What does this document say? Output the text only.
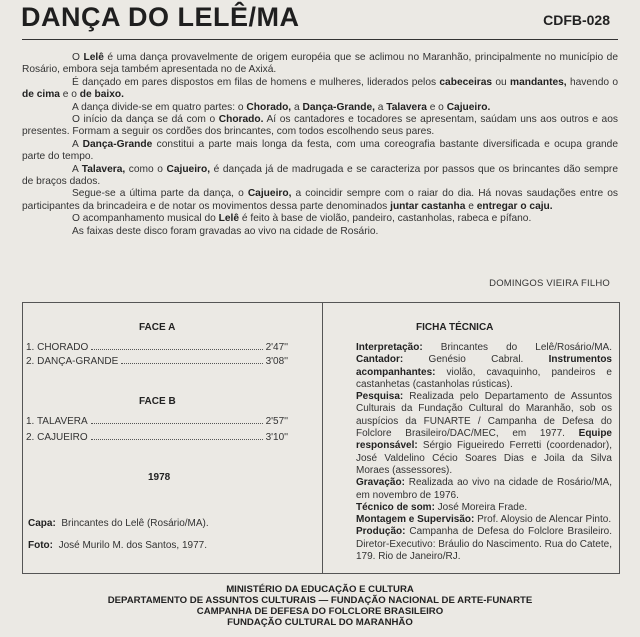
DANÇA DO LELÊ/MA	CDFB-028

O Lelê é uma dança provavelmente de origem européia que se aclimou no Maranhão, principalmente no município de Rosário, embora seja também apresentada no de Axixá.

É dançado em pares dispostos em filas de homens e mulheres, liderados pelos cabeceiras ou mandantes, havendo o de cima e o de baixo.

A dança divide-se em quatro partes: o Chorado, a Dança-Grande, a Talavera e o Cajueiro.

O início da dança se dá com o Chorado. Aí os cantadores e tocadores se apresentam, saúdam uns aos outros e aos presentes. Formam a seguir os cordões dos brincantes, com todos escolhendo seus pares.

A Dança-Grande constitui a parte mais longa da festa, com uma coreografia bastante diversificada e ocupa grande parte do tempo.

A Talavera, como o Cajueiro, é dançada já de madrugada e se caracteriza por passos que os brincantes dão sempre de braços dados.

Segue-se a última parte da dança, o Cajueiro, a coincidir sempre com o raiar do dia. Há novas saudações entre os participantes da brincadeira e de notar os movimentos dessa parte denominados juntar castanha e entregar o caju.

O acompanhamento musical do Lelê é feito à base de violão, pandeiro, castanholas, rabeca e pífano.

As faixas deste disco foram gravadas ao vivo na cidade de Rosário.

DOMINGOS VIEIRA FILHO
FACE A
1. CHORADO	2'47''
2. DANÇA-GRANDE	3'08''
FACE B
1. TALAVERA	2'57''
2. CAJUEIRO	3'10''
1978
Capa: Brincantes do Lelê (Rosário/MA).
Foto: José Murilo M. dos Santos, 1977.
FICHA TÉCNICA

Interpretação: Brincantes do Lelê/Rosário/MA. Cantador: Genésio Cabral. Instrumentos acompanhantes: violão, cavaquinho, pandeiros e castanhetas (castanholas rústicas).

Pesquisa: Realizada pelo Departamento de Assuntos Culturais da Fundação Cultural do Maranhão, sob os auspícios da FUNARTE / Campanha de Defesa do Folclore Brasileiro/DAC/MEC, em 1977. Equipe responsável: Sérgio Figueiredo Ferretti (coordenador), José Valdelino Cécio Soares Dias e Joila da Silva Moraes (assessores).

Gravação: Realizada ao vivo na cidade de Rosário/MA, em novembro de 1976.

Técnico de som: José Moreira Frade.

Montagem e Supervisão: Prof. Aloysio de Alencar Pinto.

Produção: Campanha de Defesa do Folclore Brasileiro. Diretor-Executivo: Bráulio do Nascimento. Rua do Catete, 179. Rio de Janeiro/RJ.

MINISTÉRIO DA EDUCAÇÃO E CULTURA
DEPARTAMENTO DE ASSUNTOS CULTURAIS — FUNDAÇÃO NACIONAL DE ARTE-FUNARTE
CAMPANHA DE DEFESA DO FOLCLORE BRASILEIRO
FUNDAÇÃO CULTURAL DO MARANHÃO
